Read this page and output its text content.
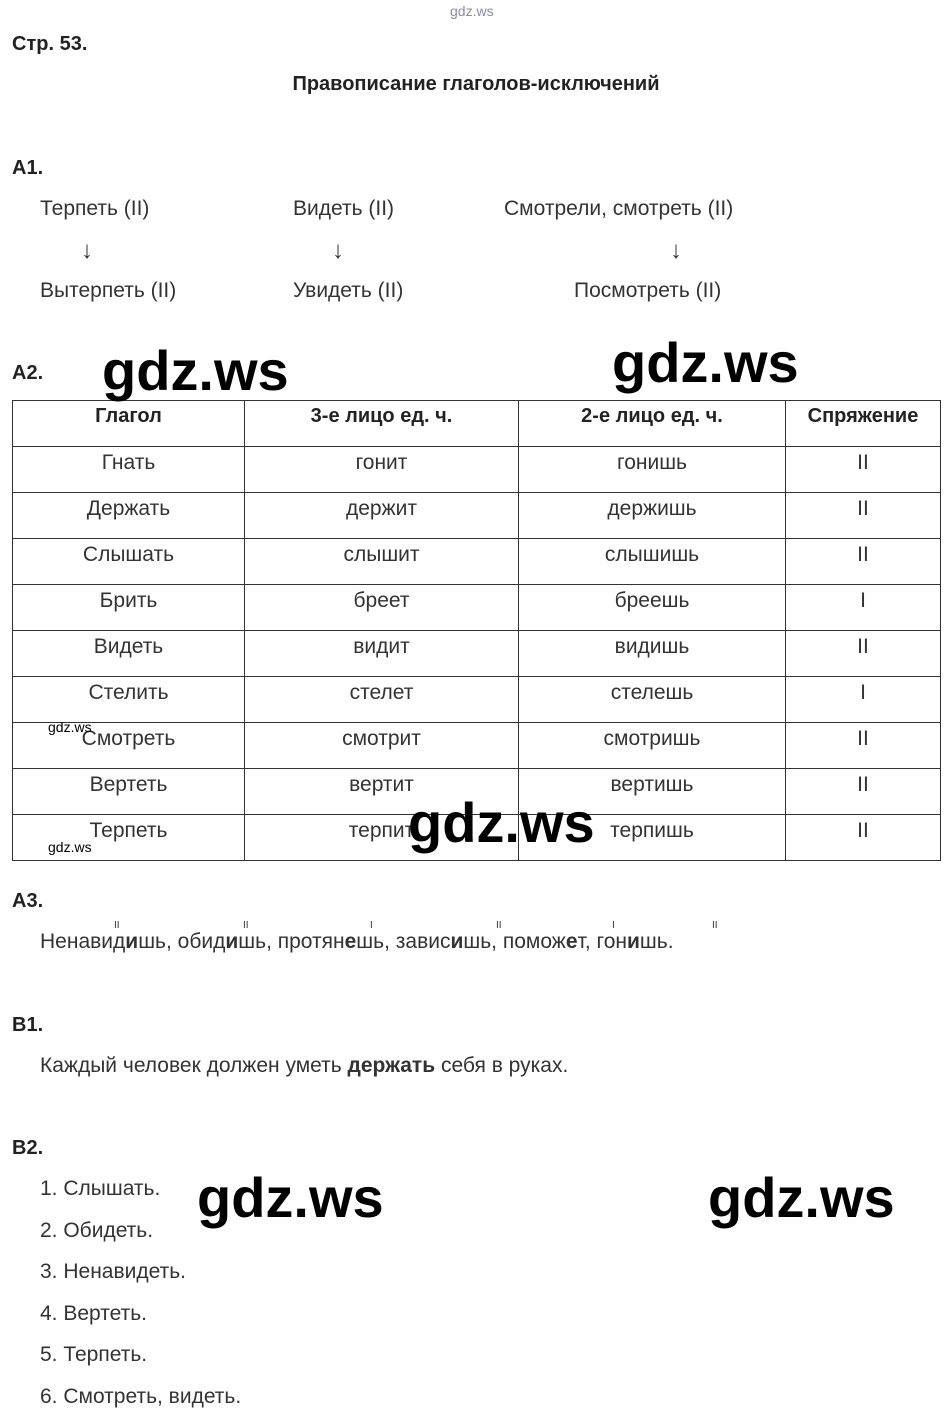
gdz.ws
Стр. 53.
Правописание глаголов-исключений
А1.
Терпеть (II)	Видеть (II)	Смотрели, смотреть (II)
↓	↓	↓
Вытерпеть (II)	Увидеть (II)	Посмотреть (II)
А2.
Глагол	3-е лицо ед. ч.	2-е лицо ед. ч.	Спряжение
Гнать	гонит	гонишь	II
Держать	держит	держишь	II
Слышать	слышит	слышишь	II
Брить	бреет	бреешь	I
Видеть	видит	видишь	II
Стелить	стелет	стелешь	I
Смотреть	смотрит	смотришь	II
Вертеть	вертит	вертишь	II
Терпеть	терпит	терпишь	II
А3.
II	II	I	II	I	II
Ненавидишь, обидишь, протянешь, зависишь, поможет, гонишь.
В1.
Каждый человек должен уметь держать себя в руках.
В2.
1. Слышать.
2. Обидеть.
3. Ненавидеть.
4. Вертеть.
5. Терпеть.
6. Смотреть, видеть.
gdz.ws	gdz.ws
gdz.ws
gdz.ws	gdz.ws
gdz.ws
gdz.ws
